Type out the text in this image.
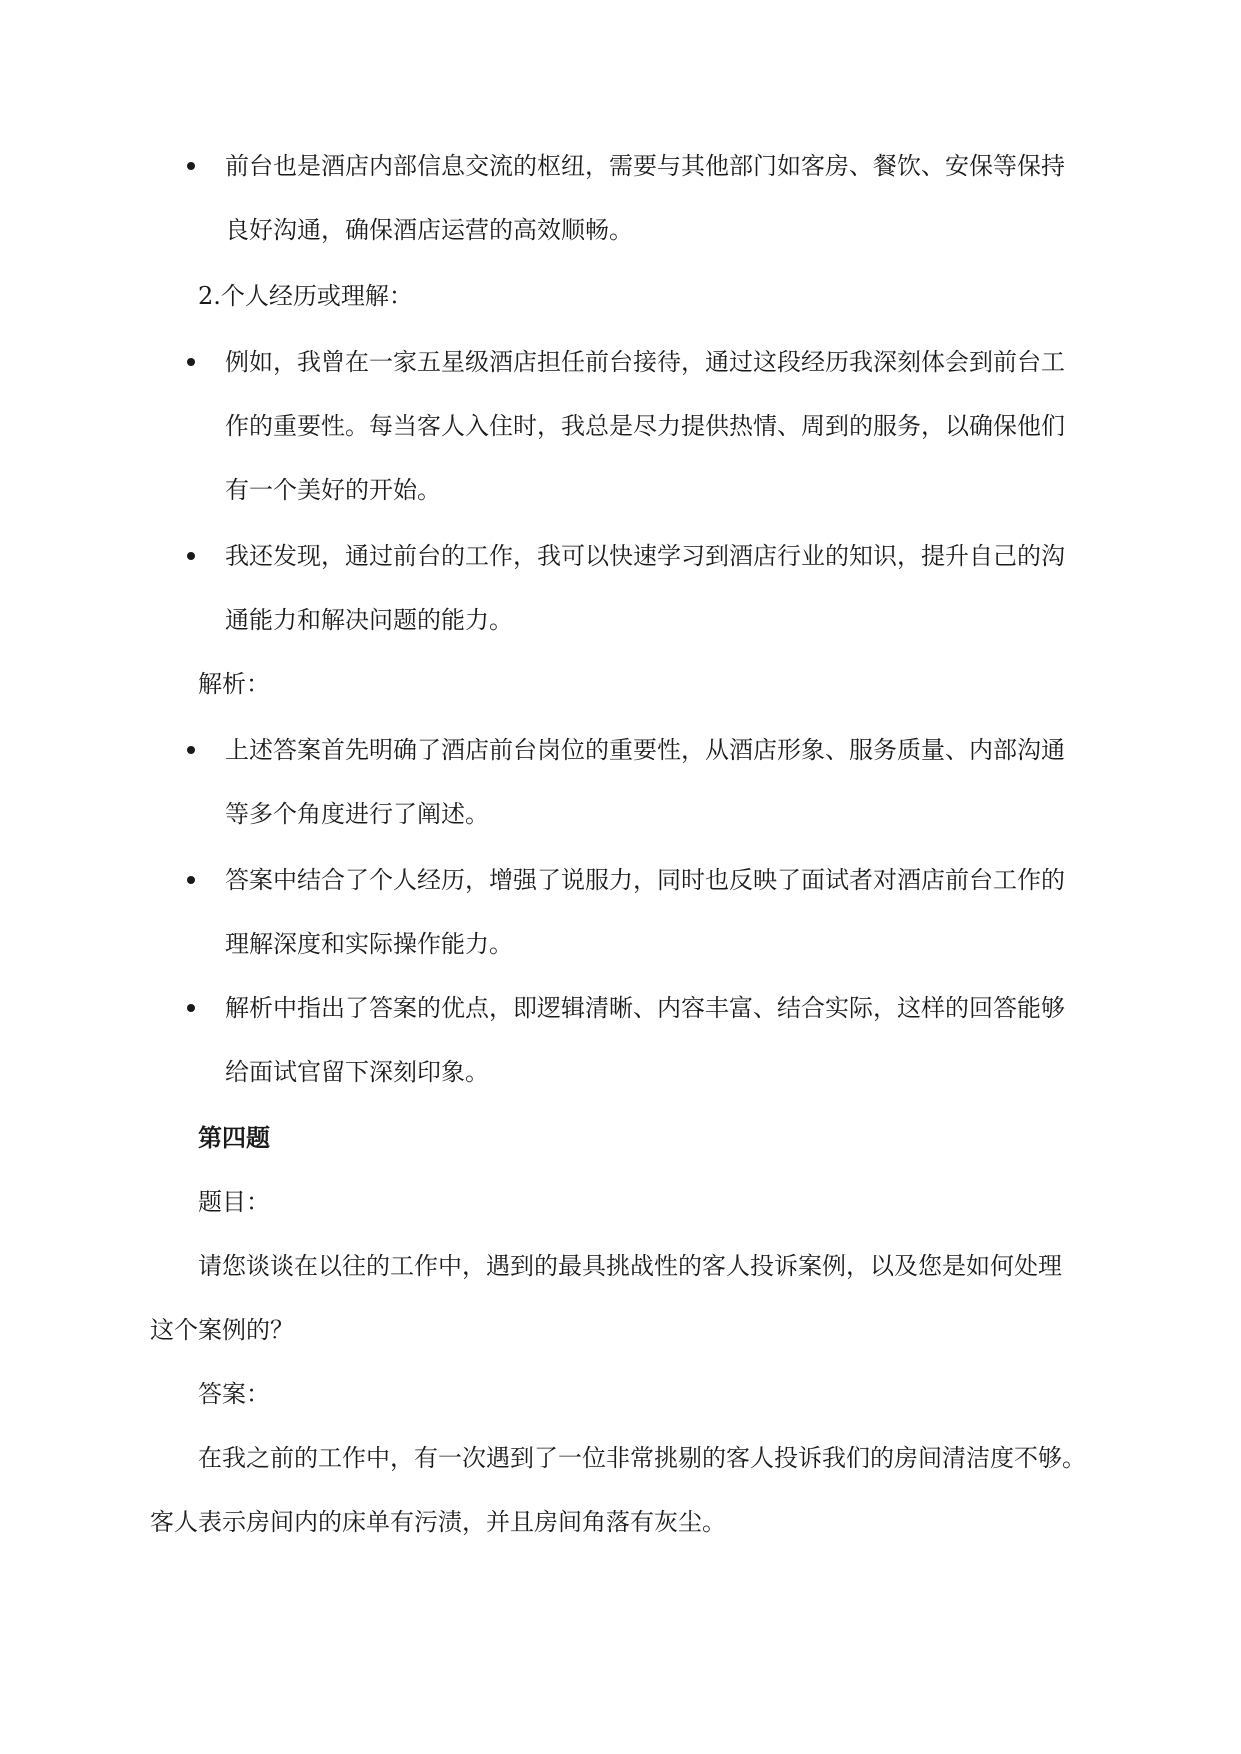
前台也是酒店内部信息交流的枢纽，需要与其他部门如客房、餐饮、安保等保持
良好沟通，确保酒店运营的高效顺畅。
2.个人经历或理解：
例如，我曾在一家五星级酒店担任前台接待，通过这段经历我深刻体会到前台工
作的重要性。每当客人入住时，我总是尽力提供热情、周到的服务，以确保他们
有一个美好的开始。
我还发现，通过前台的工作，我可以快速学习到酒店行业的知识，提升自己的沟
通能力和解决问题的能力。
解析：
上述答案首先明确了酒店前台岗位的重要性，从酒店形象、服务质量、内部沟通
等多个角度进行了阐述。
答案中结合了个人经历，增强了说服力，同时也反映了面试者对酒店前台工作的
理解深度和实际操作能力。
解析中指出了答案的优点，即逻辑清晰、内容丰富、结合实际，这样的回答能够
给面试官留下深刻印象。
第四题
题目：
请您谈谈在以往的工作中，遇到的最具挑战性的客人投诉案例，以及您是如何处理
这个案例的？
答案：
在我之前的工作中，有一次遇到了一位非常挑剔的客人投诉我们的房间清洁度不够。
客人表示房间内的床单有污渍，并且房间角落有灰尘。
